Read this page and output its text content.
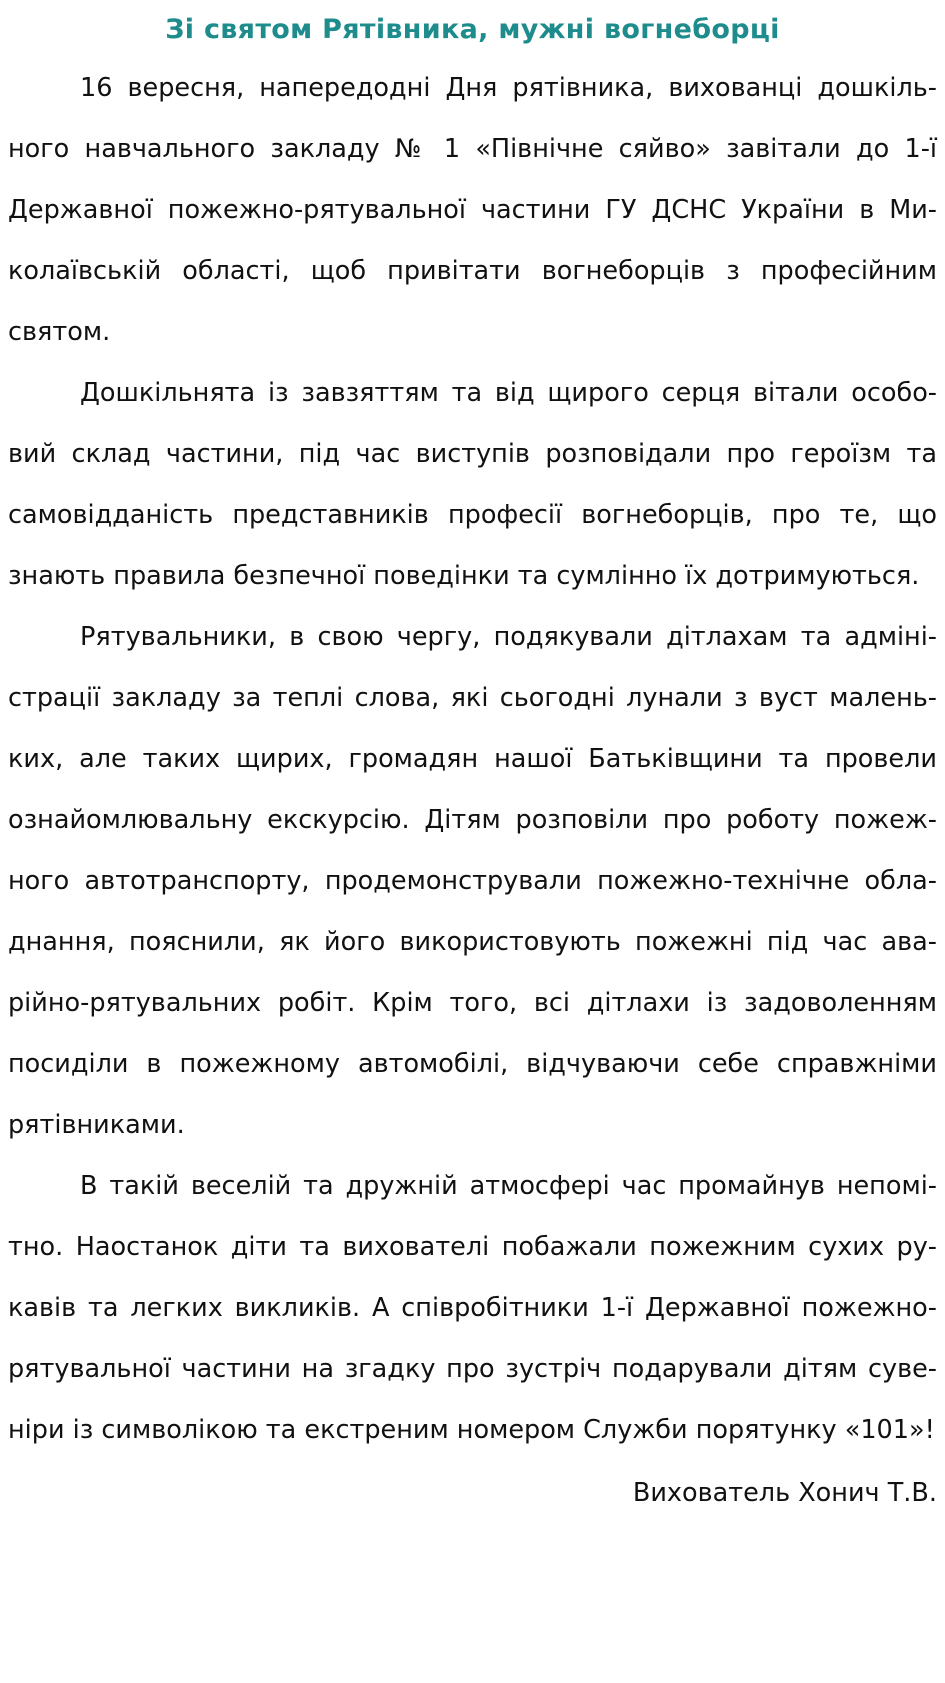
Зі святом Рятівника, мужні вогнеборці

16 вересня, напередодні Дня рятівника, вихованці дошкільного навчального закладу № 1 «Північне сяйво» завітали до 1-ї Державної пожежно-рятувальної частини ГУ ДСНС України в Миколаївській області, щоб привітати вогнеборців з професійним святом.

Дошкільнята із завзяттям та від щирого серця вітали особовий склад частини, під час виступів розповідали про героїзм та самовідданість представників професії вогнеборців, про те, що знають правила безпечної поведінки та сумлінно їх дотримуються.

Рятувальники, в свою чергу, подякували дітлахам та адміністрації закладу за теплі слова, які сьогодні лунали з вуст маленьких, але таких щирих, громадян нашої Батьківщини та провели ознайомлювальну екскурсію. Дітям розповіли про роботу пожежного автотранспорту, продемонстрували пожежно-технічне обладнання, пояснили, як його використовують пожежні під час аварійно-рятувальних робіт. Крім того, всі дітлахи із задоволенням посиділи в пожежному автомобілі, відчуваючи себе справжніми рятівниками.

В такій веселій та дружній атмосфері час промайнув непомітно. Наостанок діти та вихователі побажали пожежним сухих рукавів та легких викликів. А співробітники 1-ї Державної пожежно-рятувальної частини на згадку про зустріч подарували дітям сувеніри із символікою та екстреним номером Служби порятунку «101»!

Вихователь Хонич Т.В.
